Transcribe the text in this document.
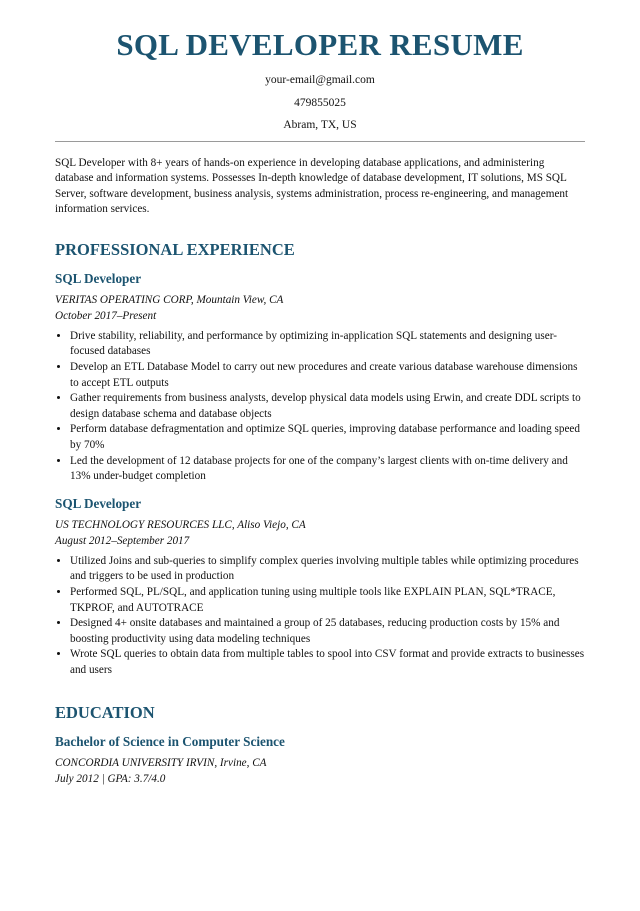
SQL DEVELOPER RESUME
your-email@gmail.com
479855025
Abram, TX, US

SQL Developer with 8+ years of hands-on experience in developing database applications, and administering database and information systems. Possesses In-depth knowledge of database development, IT solutions, MS SQL Server, software development, business analysis, systems administration, process re-engineering, and management information services.

PROFESSIONAL EXPERIENCE
SQL Developer
VERITAS OPERATING CORP, Mountain View, CA
October 2017–Present
• Drive stability, reliability, and performance by optimizing in-application SQL statements and designing user-focused databases
• Develop an ETL Database Model to carry out new procedures and create various database warehouse dimensions to accept ETL outputs
• Gather requirements from business analysts, develop physical data models using Erwin, and create DDL scripts to design database schema and database objects
• Perform database defragmentation and optimize SQL queries, improving database performance and loading speed by 70%
• Led the development of 12 database projects for one of the company’s largest clients with on-time delivery and 13% under-budget completion
SQL Developer
US TECHNOLOGY RESOURCES LLC, Aliso Viejo, CA
August 2012–September 2017
• Utilized Joins and sub-queries to simplify complex queries involving multiple tables while optimizing procedures and triggers to be used in production
• Performed SQL, PL/SQL, and application tuning using multiple tools like EXPLAIN PLAN, SQL*TRACE, TKPROF, and AUTOTRACE
• Designed 4+ onsite databases and maintained a group of 25 databases, reducing production costs by 15% and boosting productivity using data modeling techniques
• Wrote SQL queries to obtain data from multiple tables to spool into CSV format and provide extracts to businesses and users
EDUCATION
Bachelor of Science in Computer Science
CONCORDIA UNIVERSITY IRVIN, Irvine, CA
July 2012 | GPA: 3.7/4.0
